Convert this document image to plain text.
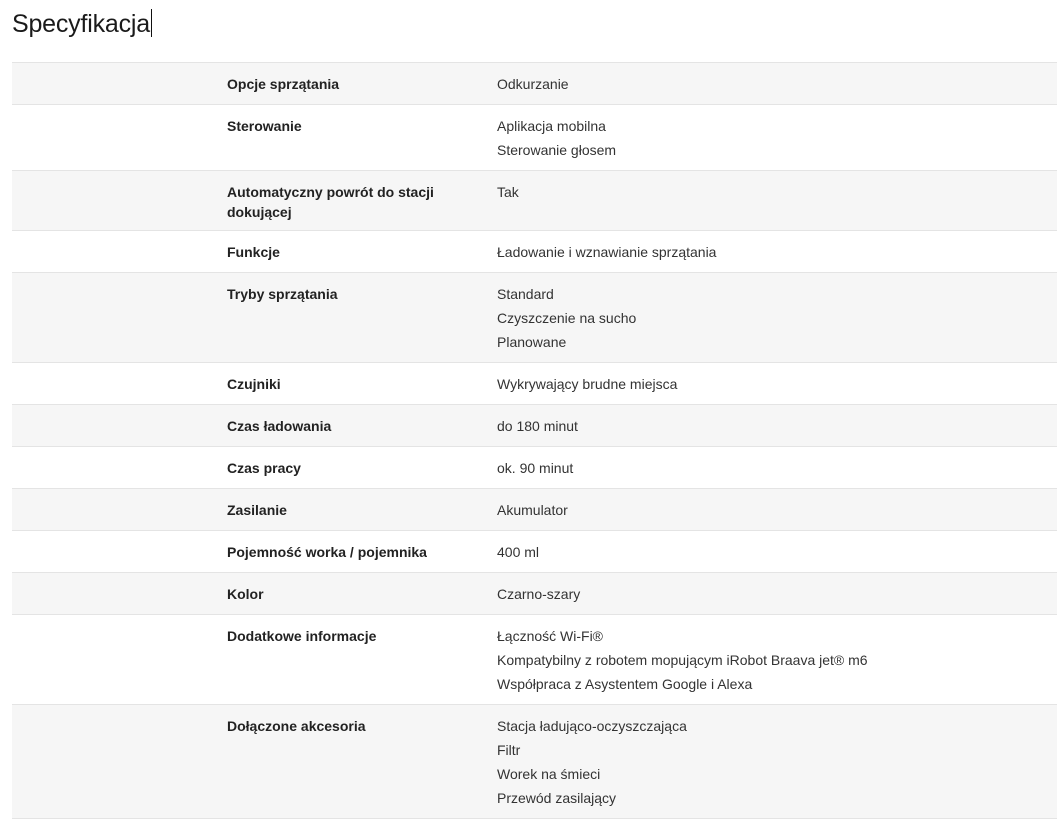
Specyfikacja
Opcje sprzątania	Odkurzanie

Sterowanie	Aplikacja mobilna
Sterowanie głosem

Automatyczny powrót do stacji dokującej	Tak

Funkcje	Ładowanie i wznawianie sprzątania

Tryby sprzątania	Standard
Czyszczenie na sucho
Planowane

Czujniki	Wykrywający brudne miejsca

Czas ładowania	do 180 minut

Czas pracy	ok. 90 minut

Zasilanie	Akumulator

Pojemność worka / pojemnika	400 ml

Kolor	Czarno-szary

Dodatkowe informacje	Łączność Wi-Fi®
Kompatybilny z robotem mopującym iRobot Braava jet® m6
Współpraca z Asystentem Google i Alexa

Dołączone akcesoria	Stacja ładująco-oczyszczająca
Filtr
Worek na śmieci
Przewód zasilający
